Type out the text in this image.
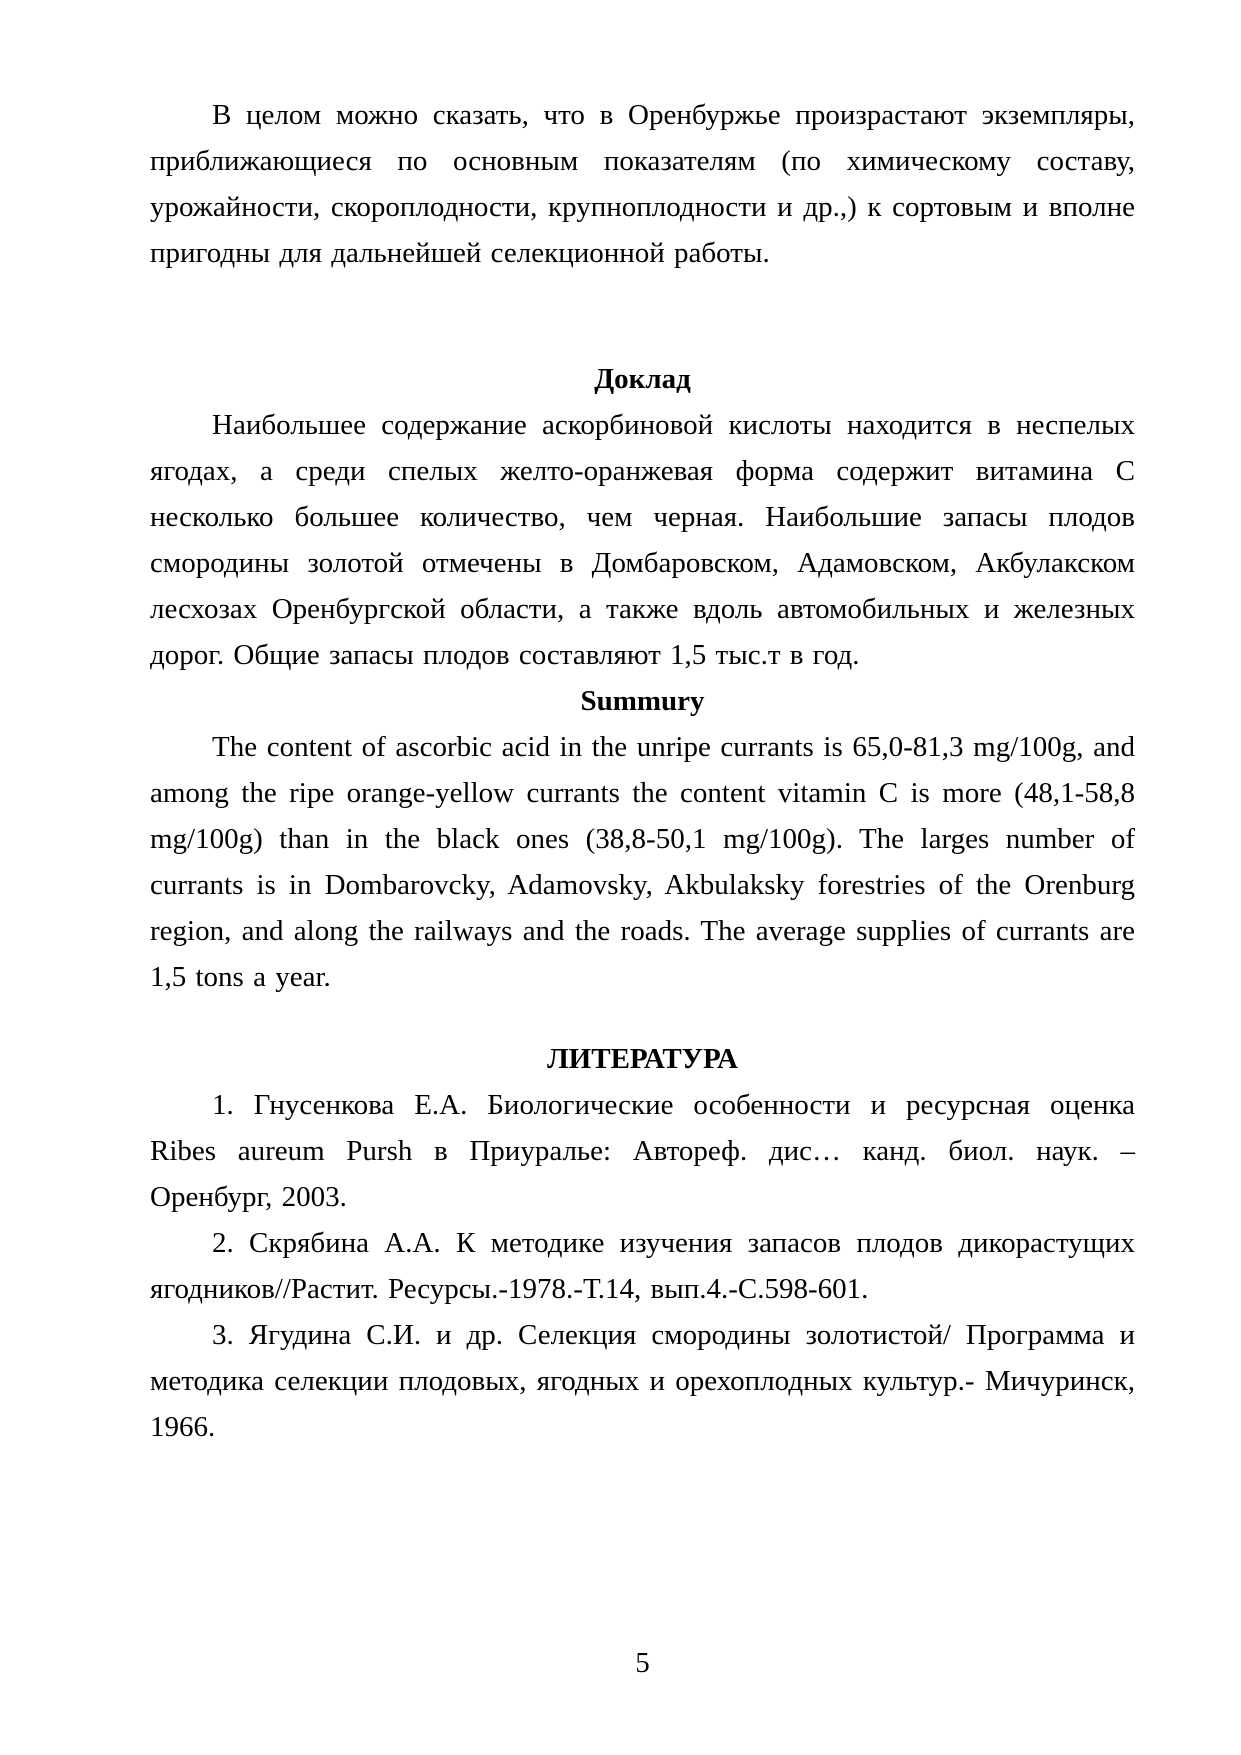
В целом можно сказать, что в Оренбуржье произрастают экземпляры, приближающиеся по основным показателям (по химическому составу, урожайности, скороплодности, крупноплодности и др.,) к сортовым и вполне пригодны для дальнейшей селекционной работы.

Доклад

Наибольшее содержание аскорбиновой кислоты находится в неспелых ягодах, а среди спелых желто-оранжевая форма содержит витамина С несколько большее количество, чем черная. Наибольшие запасы плодов смородины золотой отмечены в Домбаровском, Адамовском, Акбулакском лесхозах Оренбургской области, а также вдоль автомобильных и железных дорог. Общие запасы плодов составляют 1,5 тыс.т в год.

Summury

The content of ascorbic acid in the unripe currants is 65,0-81,3 mg/100g, and among the ripe orange-yellow currants the content vitamin C is more (48,1-58,8 mg/100g) than in the black ones (38,8-50,1 mg/100g). The larges number of currants is in Dombarovcky, Adamovsky, Akbulaksky forestries of the Orenburg region, and along the railways and the roads. The average supplies of currants are 1,5 tons a year.

ЛИТЕРАТУРА

1. Гнусенкова Е.А. Биологические особенности и ресурсная оценка Ribes aureum Pursh в Приуралье: Автореф. дис… канд. биол. наук. – Оренбург, 2003.

2. Скрябина А.А. К методике изучения запасов плодов дикорастущих ягодников//Растит. Ресурсы.-1978.-Т.14, вып.4.-С.598-601.

3. Ягудина С.И. и др. Селекция смородины золотистой/ Программа и методика селекции плодовых, ягодных и орехоплодных культур.- Мичуринск, 1966.

5
